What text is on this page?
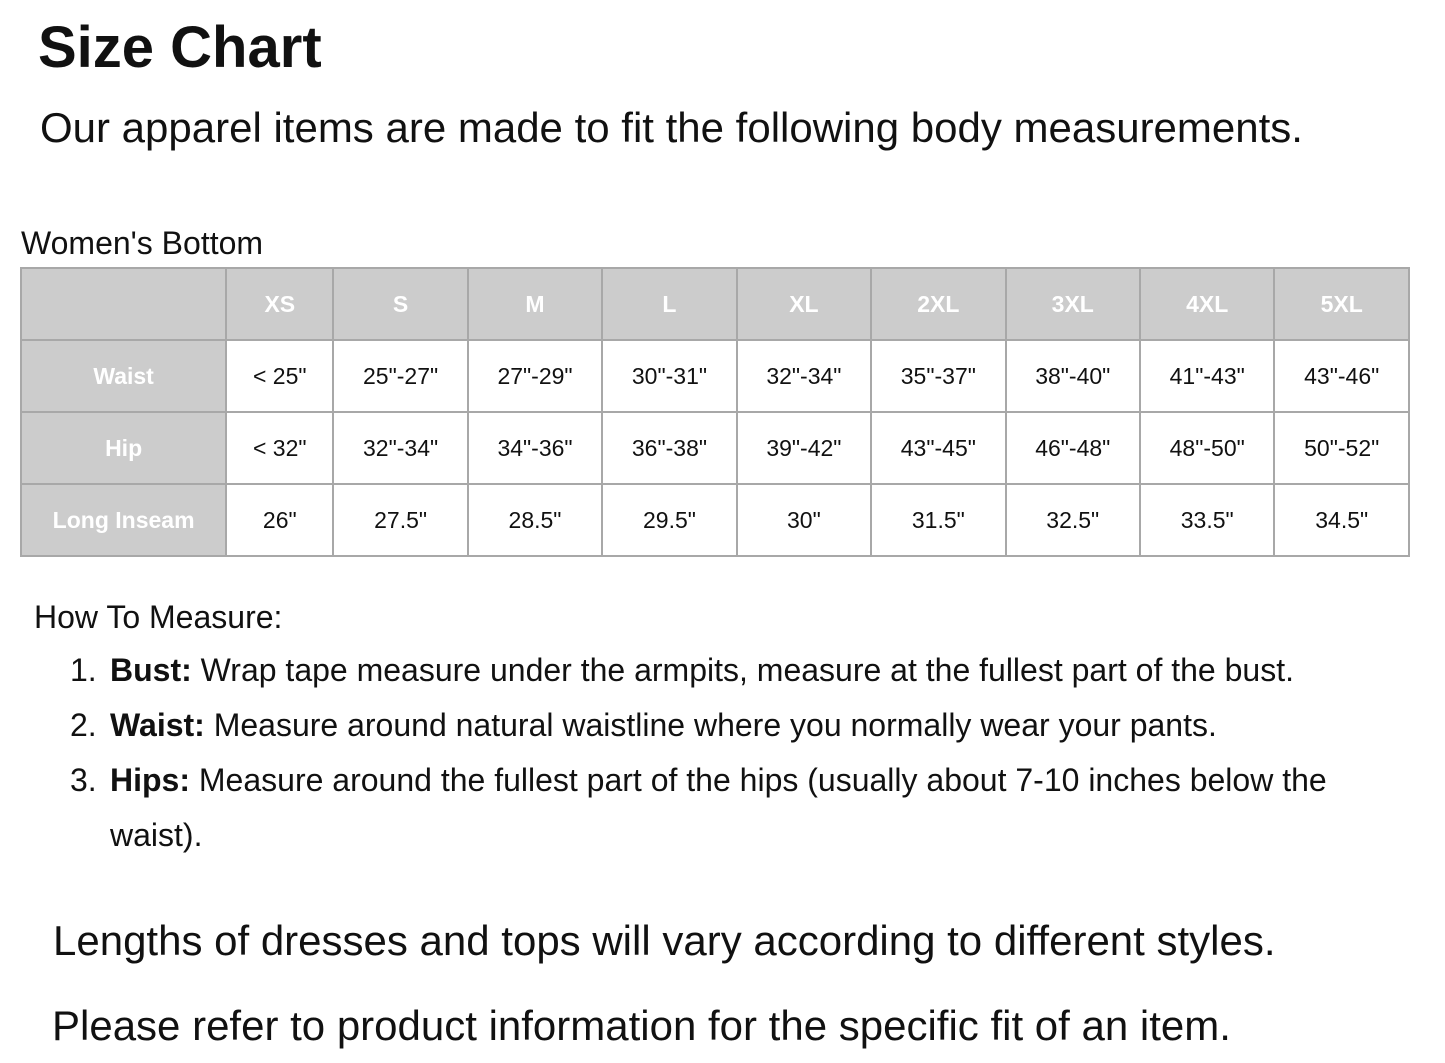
Size Chart

Our apparel items are made to fit the following body measurements.

Women's Bottom
	XS	S	M	L	XL	2XL	3XL	4XL	5XL
Waist	< 25"	25"-27"	27"-29"	30"-31"	32"-34"	35"-37"	38"-40"	41"-43"	43"-46"
Hip	< 32"	32"-34"	34"-36"	36"-38"	39"-42"	43"-45"	46"-48"	48"-50"	50"-52"
Long Inseam	26"	27.5"	28.5"	29.5"	30"	31.5"	32.5"	33.5"	34.5"
How To Measure:
1. Bust: Wrap tape measure under the armpits, measure at the fullest part of the bust.
2. Waist: Measure around natural waistline where you normally wear your pants.
3. Hips: Measure around the fullest part of the hips (usually about 7-10 inches below the waist).
Lengths of dresses and tops will vary according to different styles.
Please refer to product information for the specific fit of an item.
